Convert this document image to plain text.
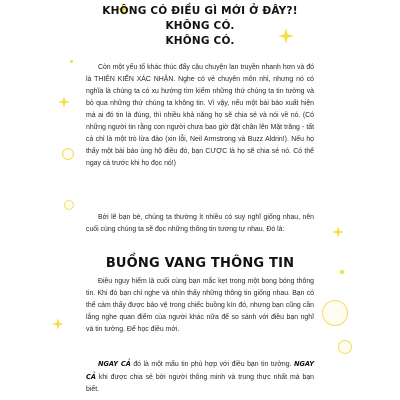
KHÔNG CÓ ĐIỀU GÌ MỚI Ở ĐÂY?!
KHÔNG CÓ.
KHÔNG CÓ.

Còn một yếu tố khác thúc đẩy câu chuyện lan truyền nhanh hơn và đó là THIÊN KIẾN XÁC NHẬN. Nghe có vẻ chuyên môn nhỉ, nhưng nó có nghĩa là chúng ta có xu hướng tìm kiếm những thứ chúng ta tin tưởng và bỏ qua những thứ chúng ta không tin. Vì vậy, nếu một bài báo xuất hiện mà ai đó tin là đúng, thì nhiều khả năng họ sẽ chia sẻ và nói về nó. (Có những người tin rằng con người chưa bao giờ đặt chân lên Mặt trăng - tất cả chỉ là một trò lừa đảo (xin lỗi, Neil Armstrong và Buzz Aldrin!). Nếu họ thấy một bài báo ủng hộ điều đó, bạn CƯỢC là họ sẽ chia sẻ nó. Có thể ngay cả trước khi họ đọc nó!)

Bởi lẽ bạn bè, chúng ta thường ít nhiều có suy nghĩ giống nhau, nên cuối cùng chúng ta sẽ đọc những thông tin tương tự nhau. Đó là:

BUỒNG VANG THÔNG TIN

Điều nguy hiểm là cuối cùng bạn mắc kẹt trong một bong bóng thông tin. Khi đó bạn chỉ nghe và nhìn thấy những thông tin giống nhau. Bạn có thể cảm thấy được bảo vệ trong chiếc buồng kín đó, nhưng bạn cũng cần lắng nghe quan điểm của người khác nữa để so sánh với điều bạn nghĩ và tin tưởng. Để học điều mới.

NGAY CẢ đó là một mẩu tin phù hợp với điều bạn tin tưởng. NGAY CẢ khi được chia sẻ bởi người thông minh và trung thực nhất mà bạn biết.
